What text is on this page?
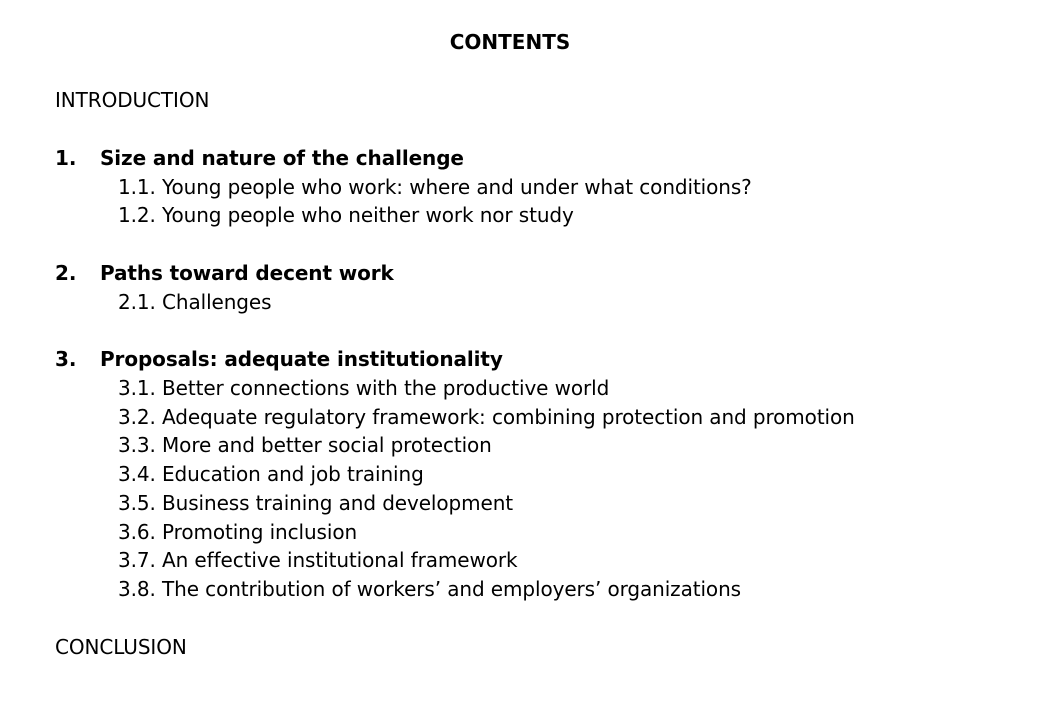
CONTENTS
INTRODUCTION
1. Size and nature of the challenge
1.1. Young people who work: where and under what conditions?
1.2. Young people who neither work nor study
2. Paths toward decent work
2.1. Challenges
3. Proposals: adequate institutionality
3.1. Better connections with the productive world
3.2. Adequate regulatory framework: combining protection and promotion
3.3. More and better social protection
3.4. Education and job training
3.5. Business training and development
3.6. Promoting inclusion
3.7. An effective institutional framework
3.8. The contribution of workers’ and employers’ organizations
CONCLUSION
